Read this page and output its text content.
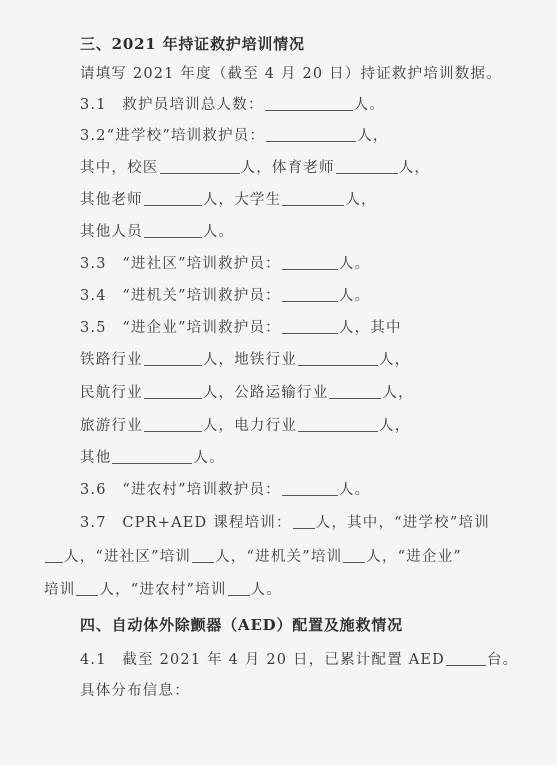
三、2021 年持证救护培训情况
请填写 2021 年度（截至 4 月 20 日）持证救护培训数据。
3.1　救护员培训总人数：	人。
3.2“进学校”培训救护员：	人，
其中，校医	人，体育老师	人，
其他老师	人，大学生	人，
其他人员	人。
3.3　“进社区”培训救护员：	人。
3.4　“进机关”培训救护员：	人。
3.5　“进企业”培训救护员：	人，其中
铁路行业	人，地铁行业	人，
民航行业	人，公路运输行业	人，
旅游行业	人，电力行业	人，
其他	人。
3.6　“进农村”培训救护员：	人。
3.7　CPR+AED 课程培训： 人，其中，“进学校”培训
人，“进社区”培训 人，“进机关”培训 人，“进企业”
培训 人，“进农村”培训 人。
四、自动体外除颤器（AED）配置及施救情况
4.1　截至 2021 年 4 月 20 日，已累计配置 AED	台。
具体分布信息：
